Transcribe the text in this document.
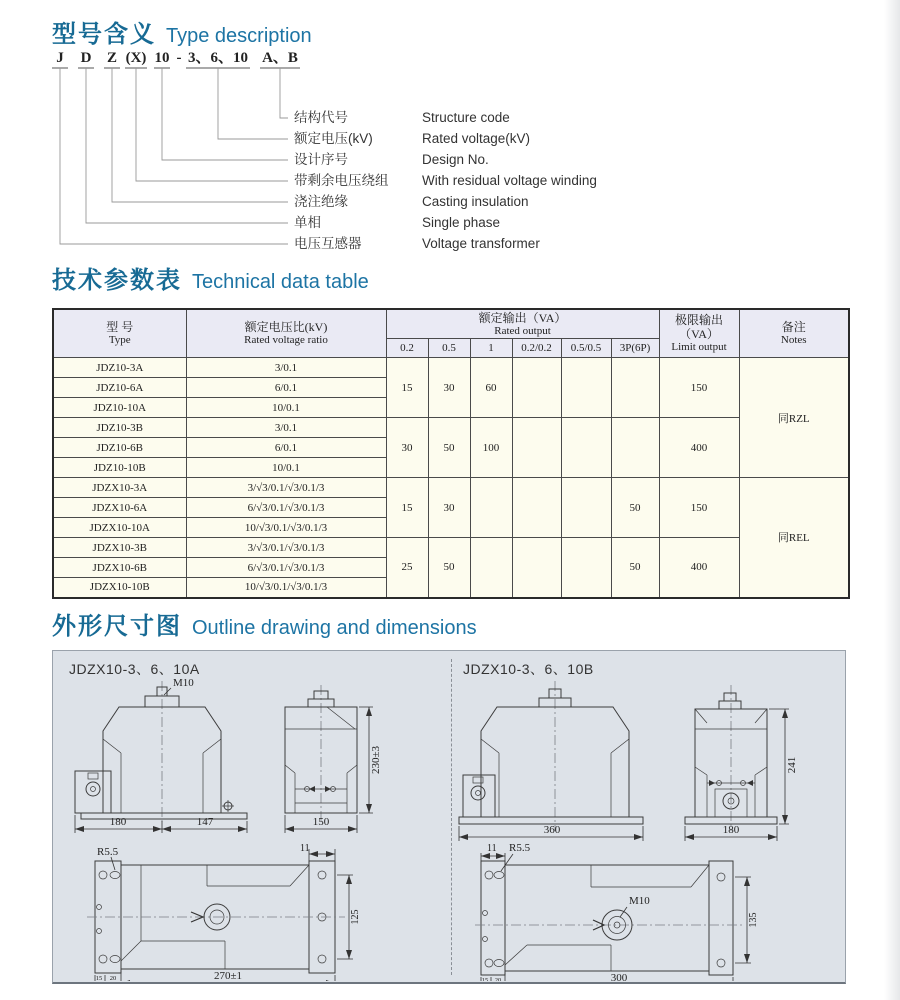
型号含义 Type description
J D Z (X) 10 - 3、6、10 A、B
结构代号	Structure code
额定电压(kV)	Rated voltage(kV)
设计序号	Design No.
带剩余电压绕组 With residual voltage winding
浇注绝缘	Casting insulation
单相	Single phase
电压互感器	Voltage transformer
技术参数表 Technical data table
型 号
Type

额定电压比(kV)
Rated voltage ratio

额定输出（VA）
Rated output

极限输出
（VA）
Limit output

备注
Notes

		0.2	0.5	1	0.2/0.2	0.5/0.5	3P(6P)		
JDZ10-3A	3/0.1	15	30	60				150	同RZL
JDZ10-6A	6/0.1								
JDZ10-10A	10/0.1								
JDZ10-3B	3/0.1	30	50	100				400	
JDZ10-6B	6/0.1								
JDZ10-10B	10/0.1								
JDZX10-3A	3/√3/0.1/√3/0.1/3	15	30				50	150	同REL
JDZX10-6A	6/√3/0.1/√3/0.1/3								
JDZX10-10A	10/√3/0.1/√3/0.1/3								
JDZX10-3B	3/√3/0.1/√3/0.1/3	25	50				50	400	
JDZX10-6B	6/√3/0.1/√3/0.1/3								
JDZX10-10B	10/√3/0.1/√3/0.1/3								
外形尺寸图 Outline drawing and dimensions
JDZX10-3、6、10A	JDZX10-3、6、10B
M10
180	147	150
230±3
R5.5	11
125
270±1
15 20
360	180
241
M10
11 R5.5
135
300
15 20
